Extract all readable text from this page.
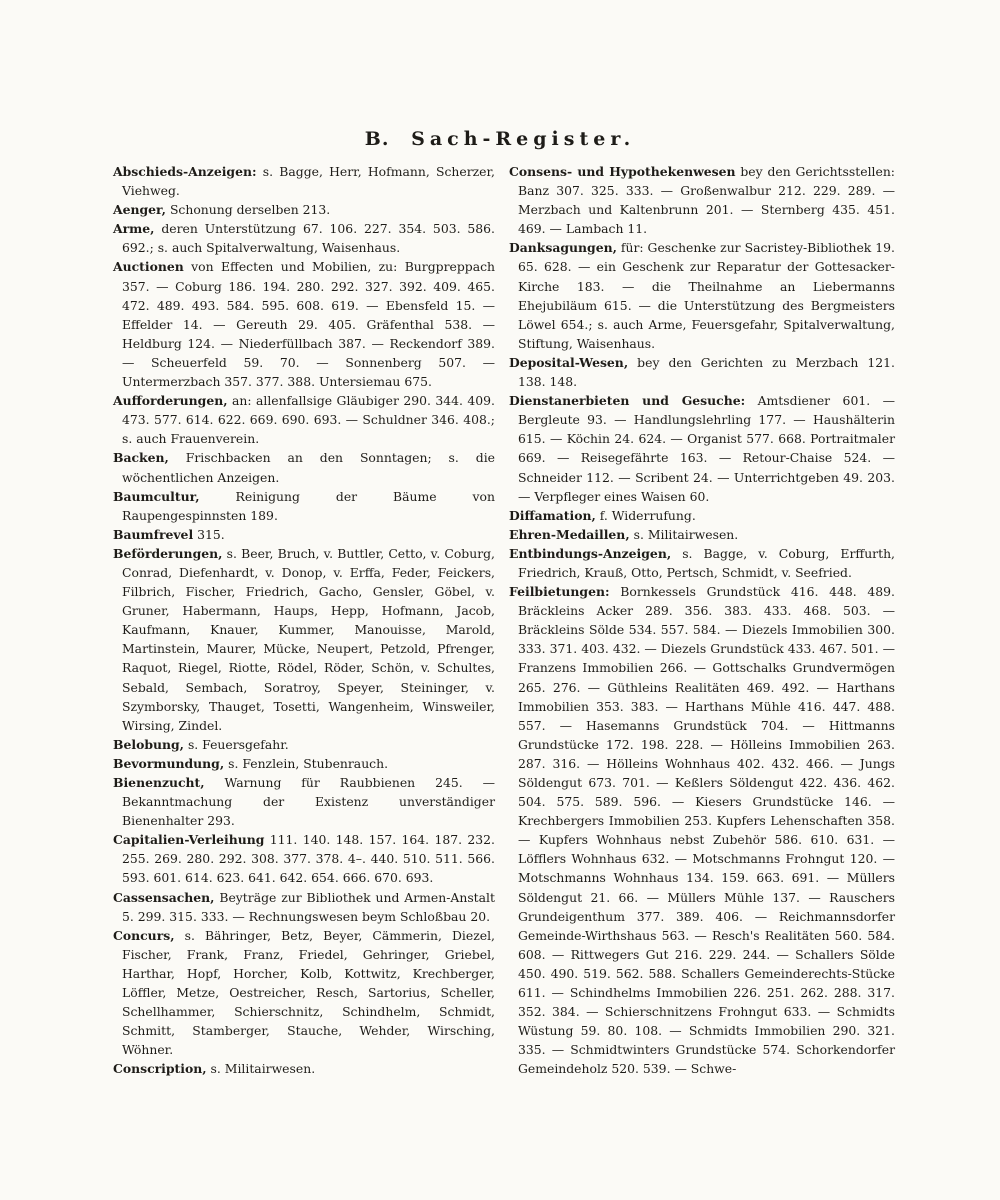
B. Sach-Register.

Abschieds-Anzeigen: s. Bagge, Herr, Hofmann, Scherzer, Viehweg.

Aenger, Schonung derselben 213.

Arme, deren Unterstützung 67. 106. 227. 354. 503. 586. 692.; s. auch Spitalverwaltung, Waisenhaus.

Auctionen von Effecten und Mobilien, zu: Burgpreppach 357. — Coburg 186. 194. 280. 292. 327. 392. 409. 465. 472. 489. 493. 584. 595. 608. 619. — Ebensfeld 15. — Effelder 14. — Gereuth 29. 405. Gräfenthal 538. — Heldburg 124. — Niederfüllbach 387. — Reckendorf 389. — Scheuerfeld 59. 70. — Sonnenberg 507. — Untermerzbach 357. 377. 388. Untersiemau 675.

Aufforderungen, an: allenfallsige Gläubiger 290. 344. 409. 473. 577. 614. 622. 669. 690. 693. — Schuldner 346. 408.; s. auch Frauenverein.

Backen, Frischbacken an den Sonntagen; s. die wöchentlichen Anzeigen.

Baumcultur, Reinigung der Bäume von Raupengespinnsten 189.

Baumfrevel 315.

Beförderungen, s. Beer, Bruch, v. Buttler, Cetto, v. Coburg, Conrad, Diefenhardt, v. Donop, v. Erffa, Feder, Feickers, Filbrich, Fischer, Friedrich, Gacho, Gensler, Göbel, v. Gruner, Habermann, Haups, Hepp, Hofmann, Jacob, Kaufmann, Knauer, Kummer, Manouisse, Marold, Martinstein, Maurer, Mücke, Neupert, Petzold, Pfrenger, Raquot, Riegel, Riotte, Rödel, Röder, Schön, v. Schultes, Sebald, Sembach, Soratroy, Speyer, Steininger, v. Szymborsky, Thauget, Tosetti, Wangenheim, Winsweiler, Wirsing, Zindel.

Belobung, s. Feuersgefahr.

Bevormundung, s. Fenzlein, Stubenrauch.

Bienenzucht, Warnung für Raubbienen 245. — Bekanntmachung der Existenz unverständiger Bienenhalter 293.

Capitalien-Verleihung 111. 140. 148. 157. 164. 187. 232. 255. 269. 280. 292. 308. 377. 378. 4–. 440. 510. 511. 566. 593. 601. 614. 623. 641. 642. 654. 666. 670. 693.

Cassensachen, Beyträge zur Bibliothek und Armen-Anstalt 5. 299. 315. 333. — Rechnungswesen beym Schloßbau 20.

Concurs, s. Bähringer, Betz, Beyer, Cämmerin, Diezel, Fischer, Frank, Franz, Friedel, Gehringer, Griebel, Harthar, Hopf, Horcher, Kolb, Kottwitz, Krechberger, Löffler, Metze, Oestreicher, Resch, Sartorius, Scheller, Schellhammer, Schierschnitz, Schindhelm, Schmidt, Schmitt, Stamberger, Stauche, Wehder, Wirsching, Wöhner.

Conscription, s. Militairwesen.

Consens- und Hypothekenwesen bey den Gerichtsstellen: Banz 307. 325. 333. — Großenwalbur 212. 229. 289. — Merzbach und Kaltenbrunn 201. — Sternberg 435. 451. 469. — Lambach 11.

Danksagungen, für: Geschenke zur Sacristey-Bibliothek 19. 65. 628. — ein Geschenk zur Reparatur der Gottesacker-Kirche 183. — die Theilnahme an Liebermanns Ehejubiläum 615. — die Unterstützung des Bergmeisters Löwel 654.; s. auch Arme, Feuersgefahr, Spitalverwaltung, Stiftung, Waisenhaus.

Deposital-Wesen, bey den Gerichten zu Merzbach 121. 138. 148.

Dienstanerbieten und Gesuche: Amtsdiener 601. — Bergleute 93. — Handlungslehrling 177. — Haushälterin 615. — Köchin 24. 624. — Organist 577. 668. Portraitmaler 669. — Reisegefährte 163. — Retour-Chaise 524. — Schneider 112. — Scribent 24. — Unterrichtgeben 49. 203. — Verpfleger eines Waisen 60.

Diffamation, f. Widerrufung.

Ehren-Medaillen, s. Militairwesen.

Entbindungs-Anzeigen, s. Bagge, v. Coburg, Erffurth, Friedrich, Krauß, Otto, Pertsch, Schmidt, v. Seefried.

Feilbietungen: Bornkessels Grundstück 416. 448. 489. Bräckleins Acker 289. 356. 383. 433. 468. 503. — Bräckleins Sölde 534. 557. 584. — Diezels Immobilien 300. 333. 371. 403. 432. — Diezels Grundstück 433. 467. 501. — Franzens Immobilien 266. — Gottschalks Grundvermögen 265. 276. — Güthleins Realitäten 469. 492. — Harthans Immobilien 353. 383. — Harthans Mühle 416. 447. 488. 557. — Hasemanns Grundstück 704. — Hittmanns Grundstücke 172. 198. 228. — Hölleins Immobilien 263. 287. 316. — Hölleins Wohnhaus 402. 432. 466. — Jungs Söldengut 673. 701. — Keßlers Söldengut 422. 436. 462. 504. 575. 589. 596. — Kiesers Grundstücke 146. — Krechbergers Immobilien 253. Kupfers Lehenschaften 358. — Kupfers Wohnhaus nebst Zubehör 586. 610. 631. — Löfflers Wohnhaus 632. — Motschmanns Frohngut 120. — Motschmanns Wohnhaus 134. 159. 663. 691. — Müllers Söldengut 21. 66. — Müllers Mühle 137. — Rauschers Grundeigenthum 377. 389. 406. — Reichmannsdorfer Gemeinde-Wirthshaus 563. — Resch's Realitäten 560. 584. 608. — Rittwegers Gut 216. 229. 244. — Schallers Sölde 450. 490. 519. 562. 588. Schallers Gemeinderechts-Stücke 611. — Schindhelms Immobilien 226. 251. 262. 288. 317. 352. 384. — Schierschnitzens Frohngut 633. — Schmidts Wüstung 59. 80. 108. — Schmidts Immobilien 290. 321. 335. — Schmidtwinters Grundstücke 574. Schorkendorfer Gemeindeholz 520. 539. — Schwe-
